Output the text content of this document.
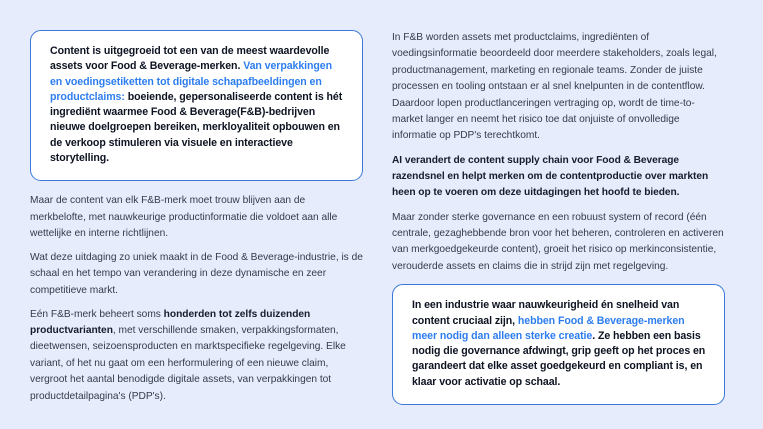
Content is uitgegroeid tot een van de meest waardevolle assets voor Food & Beverage-merken. Van verpakkingen en voedingsetiketten tot digitale schapafbeeldingen en productclaims: boeiende, gepersonaliseerde content is hét ingrediënt waarmee Food & Beverage(F&B)-bedrijven nieuwe doelgroepen bereiken, merkloyaliteit opbouwen en de verkoop stimuleren via visuele en interactieve storytelling.

Maar de content van elk F&B-merk moet trouw blijven aan de merkbelofte, met nauwkeurige productinformatie die voldoet aan alle wettelijke en interne richtlijnen.

Wat deze uitdaging zo uniek maakt in de Food & Beverage-industrie, is de schaal en het tempo van verandering in deze dynamische en zeer competitieve markt.

Eén F&B-merk beheert soms honderden tot zelfs duizenden productvarianten, met verschillende smaken, verpakkingsformaten, dieetwensen, seizoensproducten en marktspecifieke regelgeving. Elke variant, of het nu gaat om een herformulering of een nieuwe claim, vergroot het aantal benodigde digitale assets, van verpakkingen tot productdetailpagina's (PDP's).

In F&B worden assets met productclaims, ingrediënten of voedingsinformatie beoordeeld door meerdere stakeholders, zoals legal, productmanagement, marketing en regionale teams. Zonder de juiste processen en tooling ontstaan er al snel knelpunten in de contentflow. Daardoor lopen productlanceringen vertraging op, wordt de time-to-market langer en neemt het risico toe dat onjuiste of onvolledige informatie op PDP's terechtkomt.

AI verandert de content supply chain voor Food & Beverage razendsnel en helpt merken om de contentproductie over markten heen op te voeren om deze uitdagingen het hoofd te bieden.

Maar zonder sterke governance en een robuust system of record (één centrale, gezaghebbende bron voor het beheren, controleren en activeren van merkgoedgekeurde content), groeit het risico op merkinconsistentie, verouderde assets en claims die in strijd zijn met regelgeving.

In een industrie waar nauwkeurigheid én snelheid van content cruciaal zijn, hebben Food & Beverage-merken meer nodig dan alleen sterke creatie. Ze hebben een basis nodig die governance afdwingt, grip geeft op het proces en garandeert dat elke asset goedgekeurd en compliant is, en klaar voor activatie op schaal.
